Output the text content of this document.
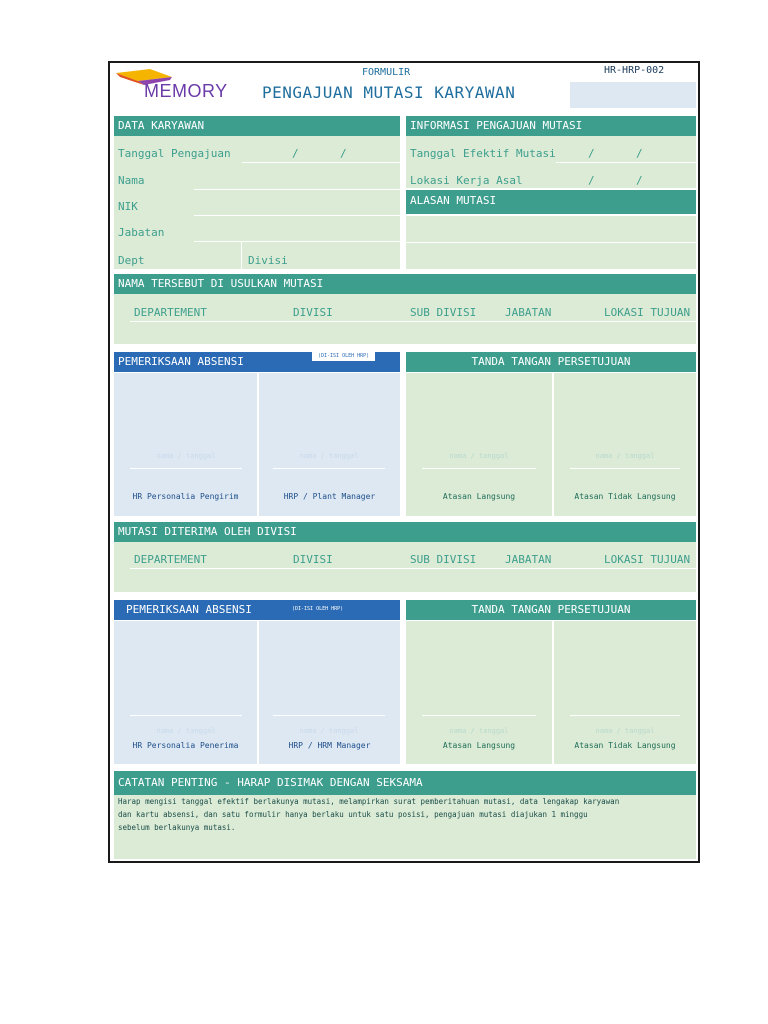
MEMORY
FORMULIR
PENGAJUAN MUTASI KARYAWAN
HR-HRP-002
DATA KARYAWAN
Tanggal Pengajuan	/	/
Nama
NIK
Jabatan
Dept	Divisi
INFORMASI PENGAJUAN MUTASI
Tanggal Efektif Mutasi	/	/
Lokasi Kerja Asal	/	/
ALASAN MUTASI
NAMA TERSEBUT DI USULKAN MUTASI
DEPARTEMENT	DIVISI	SUB DIVISI	JABATAN	LOKASI TUJUAN
PEMERIKSAAN ABSENSI	(DI-ISI OLEH HRP)
nama / tanggal	nama / tanggal
HR Personalia Pengirim	HRP / Plant Manager
TANDA TANGAN PERSETUJUAN
nama / tanggal	nama / tanggal
Atasan Langsung	Atasan Tidak Langsung
MUTASI DITERIMA OLEH DIVISI
DEPARTEMENT	DIVISI	SUB DIVISI	JABATAN	LOKASI TUJUAN
PEMERIKSAAN ABSENSI	(DI-ISI OLEH HRP)
nama / tanggal	nama / tanggal
HR Personalia Penerima	HRP / HRM Manager
TANDA TANGAN PERSETUJUAN
nama / tanggal	nama / tanggal
Atasan Langsung	Atasan Tidak Langsung
CATATAN PENTING - HARAP DISIMAK DENGAN SEKSAMA
Harap mengisi tanggal efektif berlakunya mutasi, melampirkan surat pemberitahuan mutasi, data lengakap karyawan
dan kartu absensi, dan satu formulir hanya berlaku untuk satu posisi, pengajuan mutasi diajukan 1 minggu
sebelum berlakunya mutasi.
